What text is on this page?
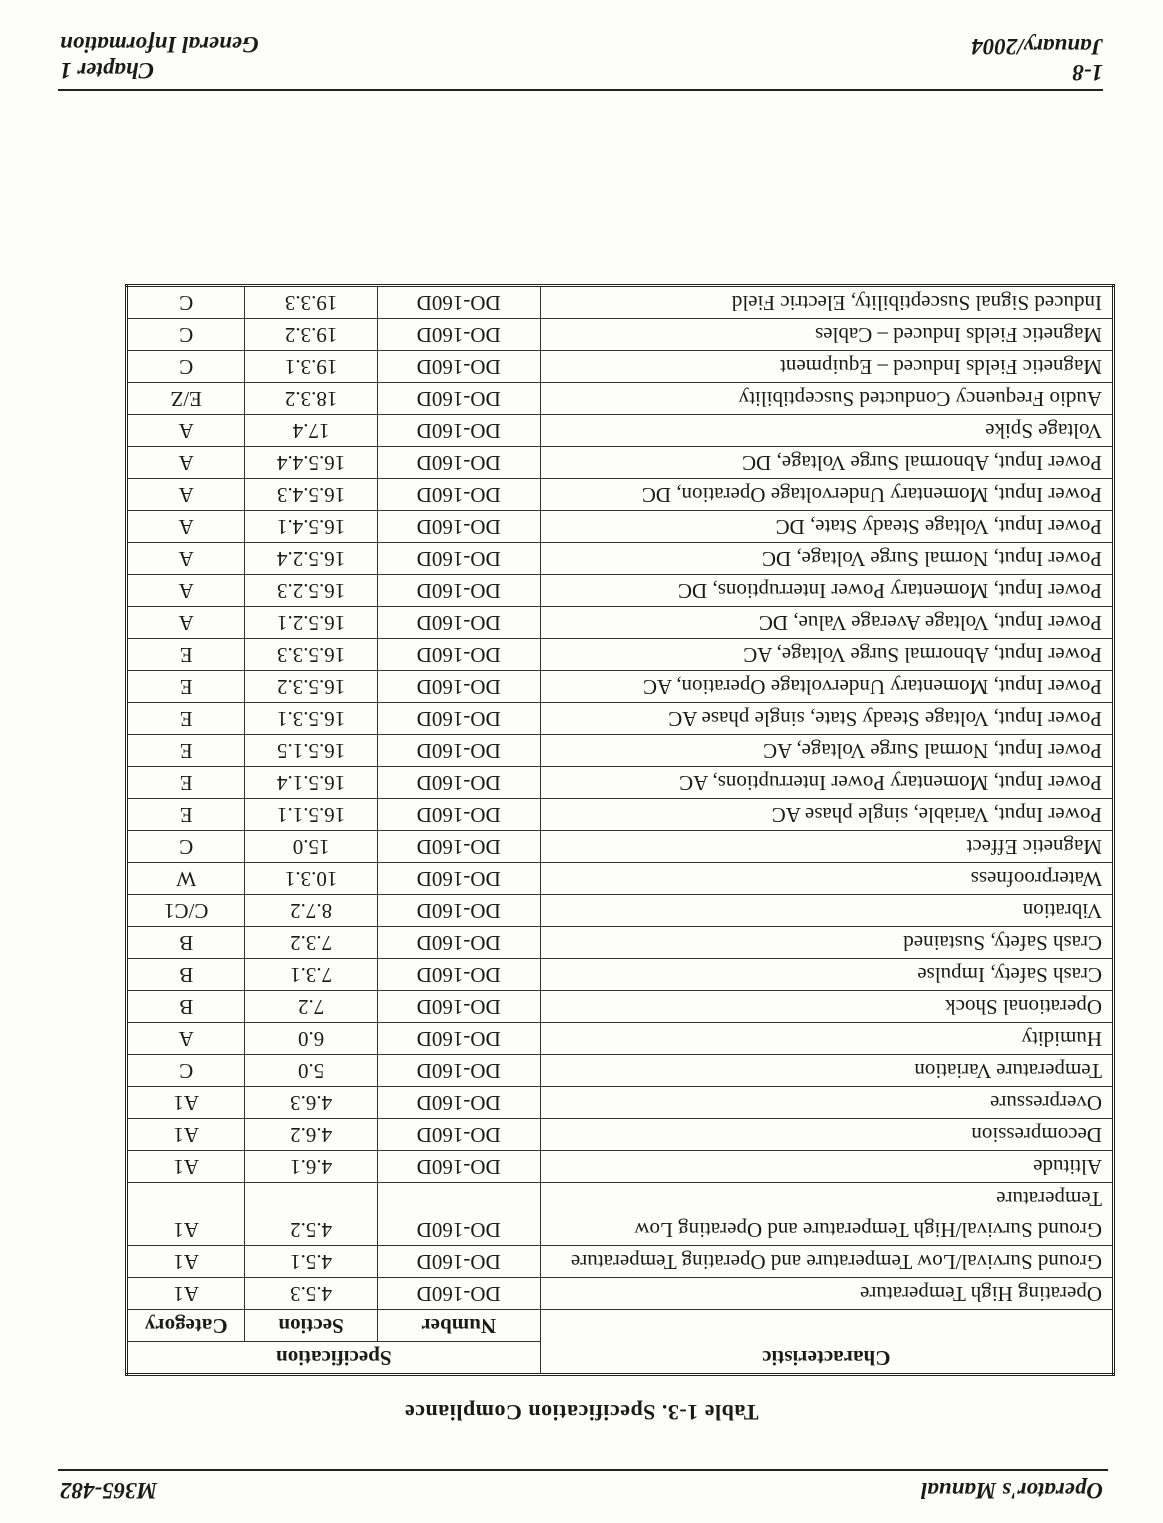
Operator's Manual
M365-482
Table 1-3. Specification Compliance
Characteristic	Specification		
	Number	Section	Category
Operating High Temperature	DO-160D	4.5.3	A1
Ground Survival/Low Temperature and Operating Temperature	DO-160D	4.5.1	A1
Ground Survival/High Temperature and Operating Low Temperature	DO-160D	4.5.2	A1
Altitude	DO-160D	4.6.1	A1
Decompression	DO-160D	4.6.2	A1
Overpressure	DO-160D	4.6.3	A1
Temperature Variation	DO-160D	5.0	C
Humidity	DO-160D	6.0	A
Operational Shock	DO-160D	7.2	B
Crash Safety, Impulse	DO-160D	7.3.1	B
Crash Safety, Sustained	DO-160D	7.3.2	B
Vibration	DO-160D	8.7.2	C/C1
Waterproofness	DO-160D	10.3.1	W
Magnetic Effect	DO-160D	15.0	C
Power Input, Variable, single phase AC	DO-160D	16.5.1.1	E
Power Input, Momentary Power Interruptions, AC	DO-160D	16.5.1.4	E
Power Input, Normal Surge Voltage, AC	DO-160D	16.5.1.5	E
Power Input, Voltage Steady State, single phase AC	DO-160D	16.5.3.1	E
Power Input, Momentary Undervoltage Operation, AC	DO-160D	16.5.3.2	E
Power Input, Abnormal Surge Voltage, AC	DO-160D	16.5.3.3	E
Power Input, Voltage Average Value, DC	DO-160D	16.5.2.1	A
Power Input, Momentary Power Interruptions, DC	DO-160D	16.5.2.3	A
Power Input, Normal Surge Voltage, DC	DO-160D	16.5.2.4	A
Power Input, Voltage Steady State, DC	DO-160D	16.5.4.1	A
Power Input, Momentary Undervoltage Operation, DC	DO-160D	16.5.4.3	A
Power Input, Abnormal Surge Voltage, DC	DO-160D	16.5.4.4	A
Voltage Spike	DO-160D	17.4	A
Audio Frequency Conducted Susceptibility	DO-160D	18.3.2	E/Z
Magnetic Fields Induced – Equipment	DO-160D	19.3.1	C
Magnetic Fields Induced – Cables	DO-160D	19.3.2	C
Induced Signal Susceptibility, Electric Field	DO-160D	19.3.3	C
1-8
January/2004
Chapter 1
General Information
